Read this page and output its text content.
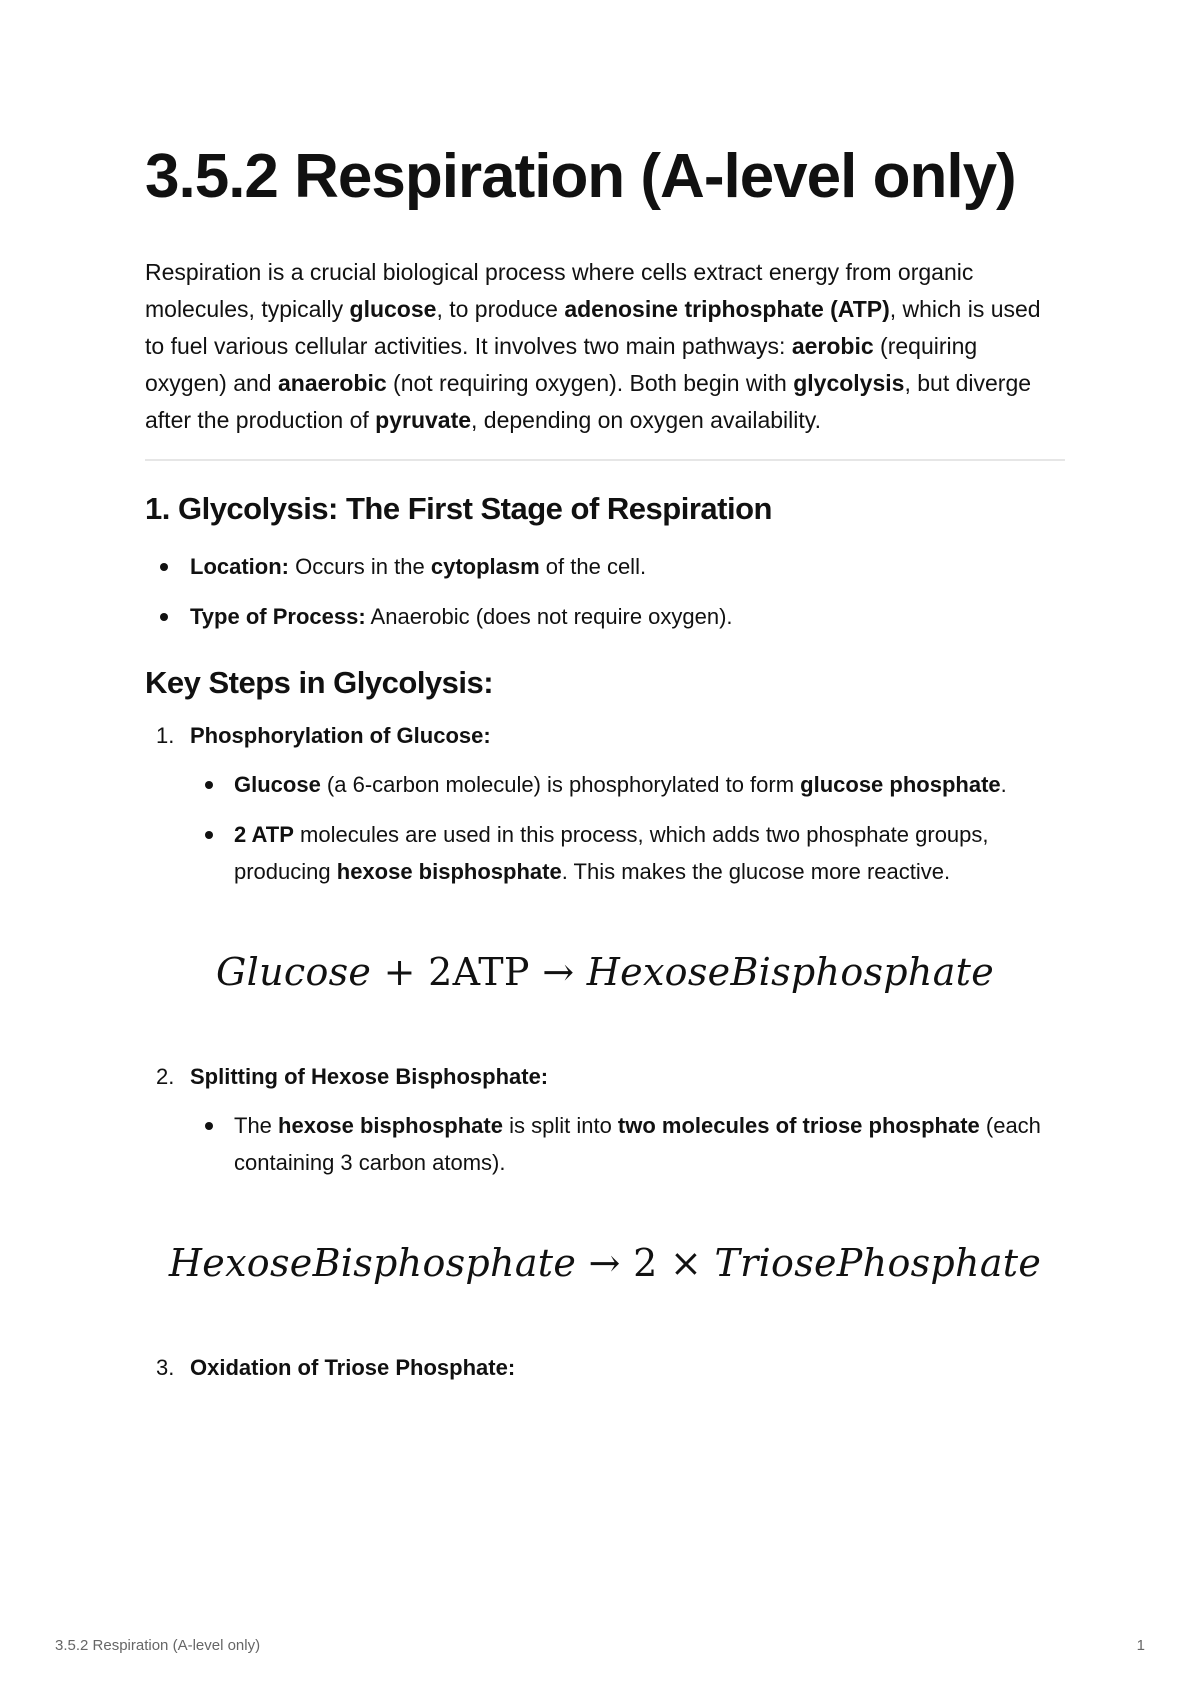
3.5.2 Respiration (A-level only)

Respiration is a crucial biological process where cells extract energy from organic molecules, typically glucose, to produce adenosine triphosphate (ATP), which is used to fuel various cellular activities. It involves two main pathways: aerobic (requiring oxygen) and anaerobic (not requiring oxygen). Both begin with glycolysis, but diverge after the production of pyruvate, depending on oxygen availability.

1. Glycolysis: The First Stage of Respiration
Location: Occurs in the cytoplasm of the cell.
Type of Process: Anaerobic (does not require oxygen).
Key Steps in Glycolysis:
1. Phosphorylation of Glucose:
Glucose (a 6-carbon molecule) is phosphorylated to form glucose phosphate.
2 ATP molecules are used in this process, which adds two phosphate groups, producing hexose bisphosphate. This makes the glucose more reactive.
Glucose + 2ATP → HexoseBisphosphate
2. Splitting of Hexose Bisphosphate:
The hexose bisphosphate is split into two molecules of triose phosphate (each containing 3 carbon atoms).
HexoseBisphosphate → 2 × TriosePhosphate
3. Oxidation of Triose Phosphate:
3.5.2 Respiration (A-level only)	1
